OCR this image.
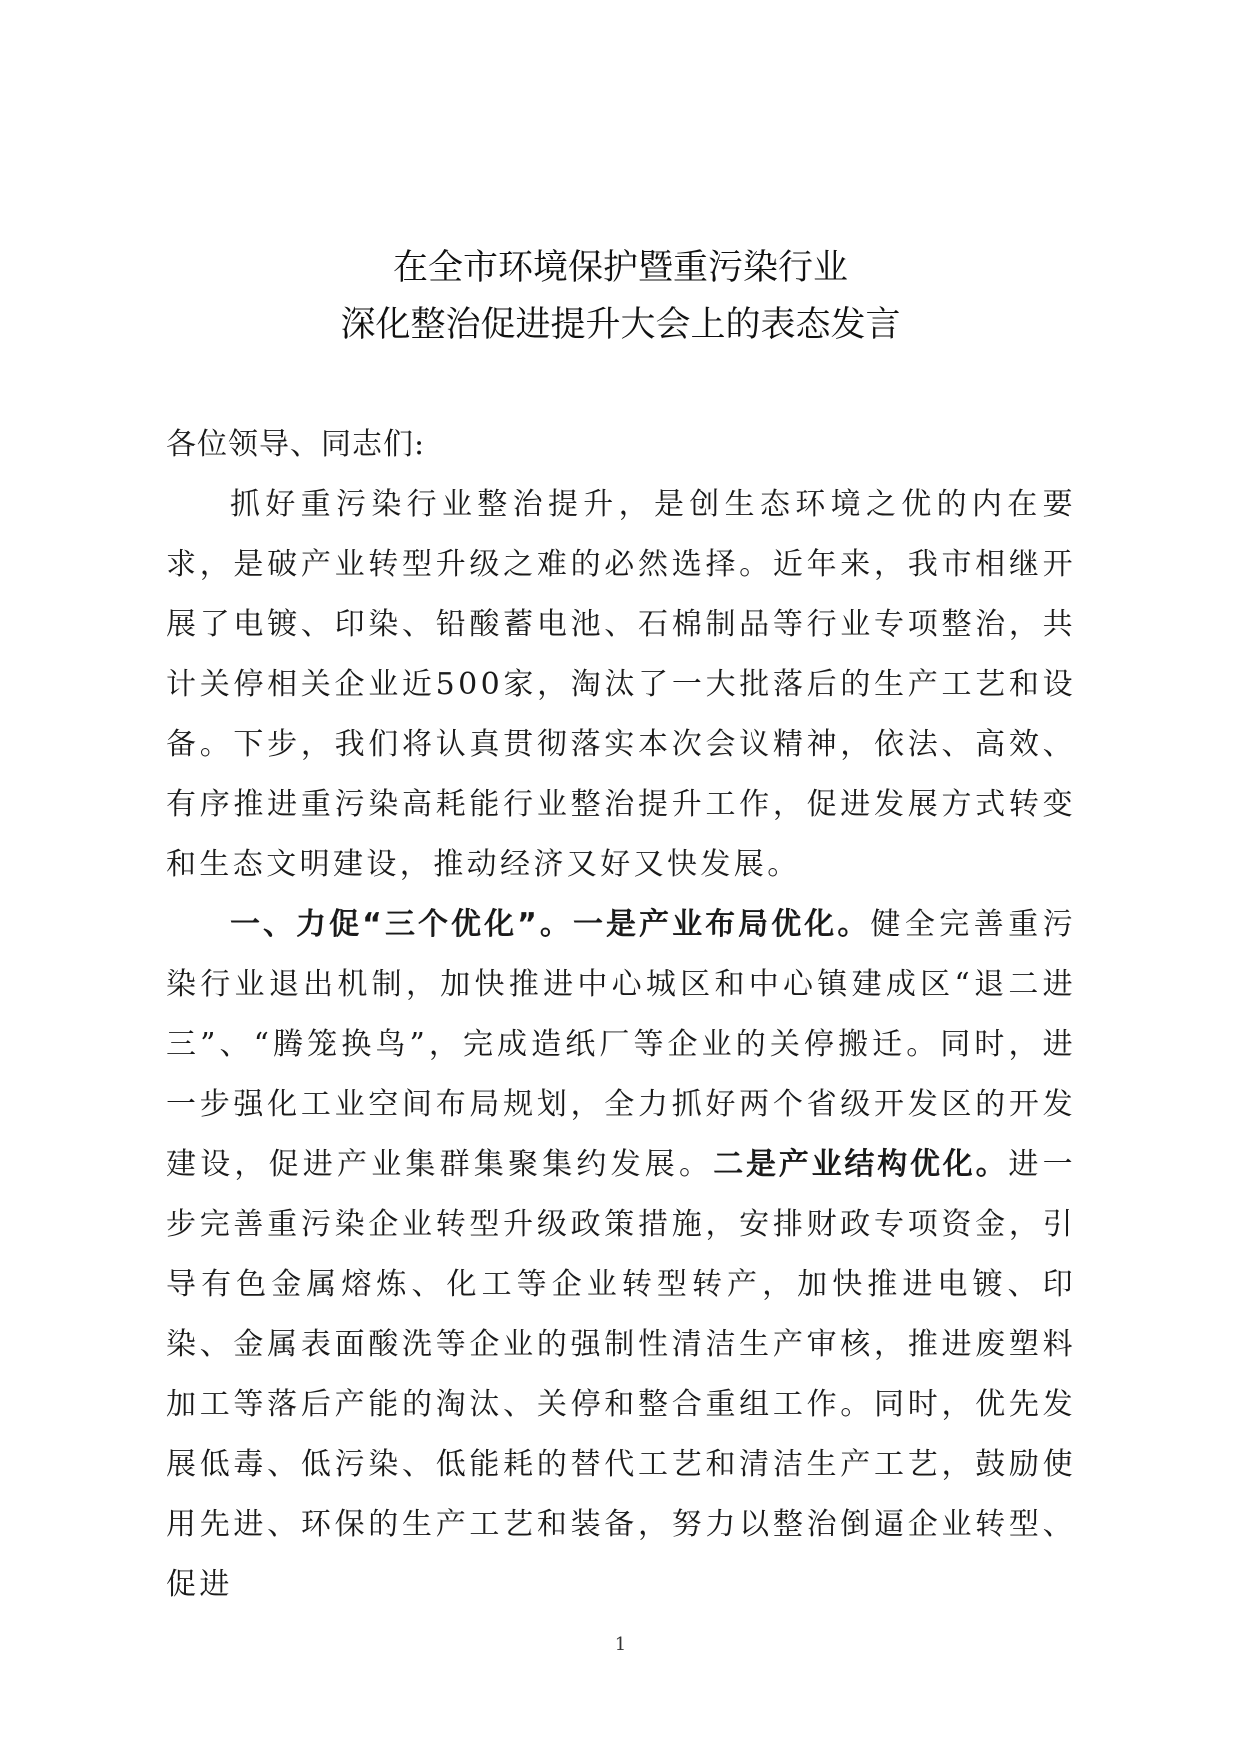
在全市环境保护暨重污染行业
深化整治促进提升大会上的表态发言

各位领导、同志们:

抓好重污染行业整治提升，是创生态环境之优的内在要求，是破产业转型升级之难的必然选择。近年来，我市相继开展了电镀、印染、铅酸蓄电池、石棉制品等行业专项整治，共计关停相关企业近500家，淘汰了一大批落后的生产工艺和设备。下步，我们将认真贯彻落实本次会议精神，依法、高效、有序推进重污染高耗能行业整治提升工作，促进发展方式转变和生态文明建设，推动经济又好又快发展。

一、力促“三个优化”。一是产业布局优化。健全完善重污染行业退出机制，加快推进中心城区和中心镇建成区“退二进三”、“腾笼换鸟”，完成造纸厂等企业的关停搬迁。同时，进一步强化工业空间布局规划，全力抓好两个省级开发区的开发建设，促进产业集群集聚集约发展。二是产业结构优化。进一步完善重污染企业转型升级政策措施，安排财政专项资金，引导有色金属熔炼、化工等企业转型转产，加快推进电镀、印染、金属表面酸洗等企业的强制性清洁生产审核，推进废塑料加工等落后产能的淘汰、关停和整合重组工作。同时，优先发展低毒、低污染、低能耗的替代工艺和清洁生产工艺，鼓励使用先进、环保的生产工艺和装备，努力以整治倒逼企业转型、促进

1
